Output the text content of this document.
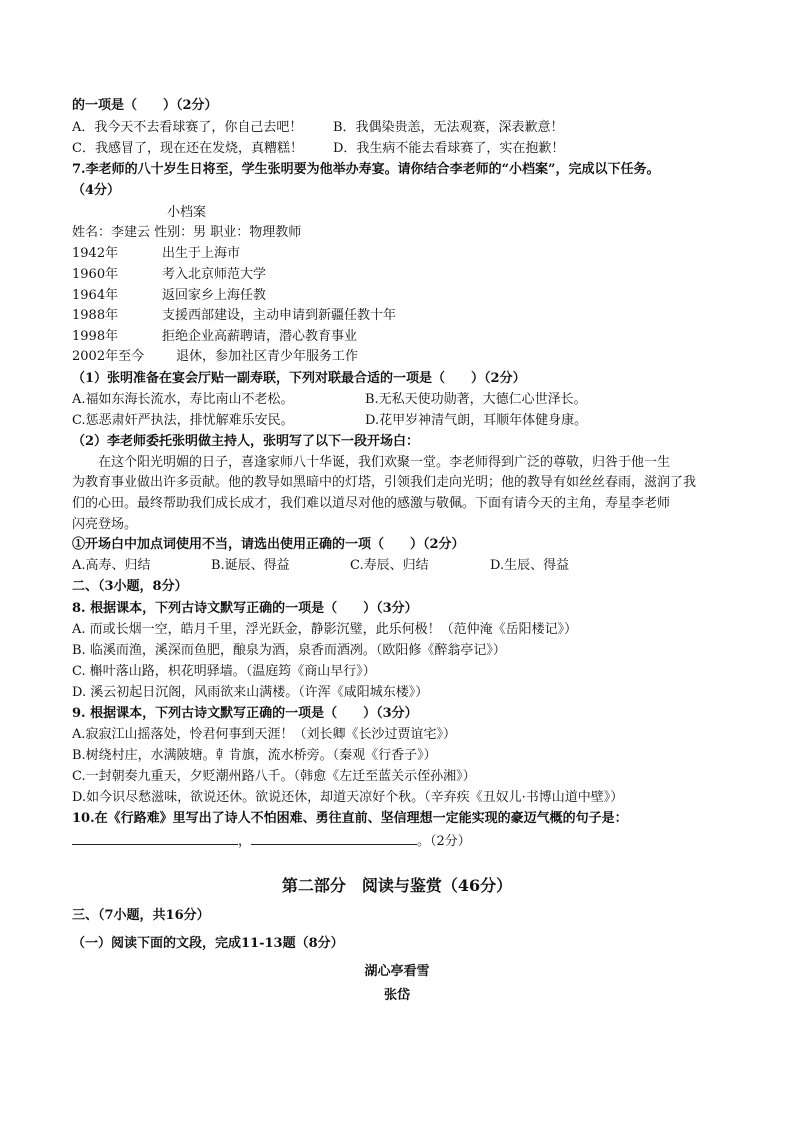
的一项是（　　）（2分）
A．我今天不去看球赛了，你自己去吧！ B．我偶染贵恙，无法观赛，深表歉意！
C．我感冒了，现在还在发烧，真糟糕！ D．我生病不能去看球赛了，实在抱歉！
7.李老师的八十岁生日将至，学生张明要为他举办寿宴。请你结合李老师的“小档案”，完成以下任务。
（4分）
小档案
姓名：李建云 性别：男 职业：物理教师
1942年	出生于上海市
1960年	考入北京师范大学
1964年	返回家乡上海任教
1988年	支援西部建设，主动申请到新疆任教十年
1998年	拒绝企业高薪聘请，潜心教育事业
2002年至今 退休，参加社区青少年服务工作
（1）张明准备在宴会厅贴一副寿联，下列对联最合适的一项是（　　）（2分）
A.福如东海长流水，寿比南山不老松。	B.无私天使功勋著，大德仁心世泽长。
C.惩恶肃奸严执法，排忧解难乐安民。	D.花甲岁神清气朗，耳顺年体健身康。
（2）李老师委托张明做主持人，张明写了以下一段开场白：
在这个阳光明媚的日子，喜逢家师八十华诞，我们欢聚一堂。李老师得到广泛的尊敬，归咎于他一生
为教育事业做出许多贡献。他的教导如黑暗中的灯塔，引领我们走向光明；他的教导有如丝丝春雨，滋润了我
们的心田。最终帮助我们成长成才，我们难以道尽对他的感激与敬佩。下面有请今天的主角，寿星李老师
闪亮登场。
①开场白中加点词使用不当，请选出使用正确的一项（　　）（2分）
A.高寿、归结	B.诞辰、得益	C.寿辰、归结	D.生辰、得益
二、（3小题，8分）
8. 根据课本，下列古诗文默写正确的一项是（　　）（3分）
A. 而或长烟一空，皓月千里，浮光跃金，静影沉璧，此乐何极！（范仲淹《岳阳楼记》）
B. 临溪而渔，溪深而鱼肥，酿泉为酒，泉香而酒冽。（欧阳修《醉翁亭记》）
C. 槲叶落山路，枳花明驿墙。（温庭筠《商山早行》）
D. 溪云初起日沉阁，风雨欲来山满楼。（许浑《咸阳城东楼》）
9. 根据课本，下列古诗文默写正确的一项是（　　）（3分）
A.寂寂江山摇落处，怜君何事到天涯！（刘长卿《长沙过贾谊宅》）
B.树绕村庄，水满陂塘。龺肯旗，流水桥旁。（秦观《行香子》）
C.一封朝奏九重天，夕贬潮州路八千。（韩愈《左迁至蓝关示侄孙湘》）
D.如今识尽愁滋味，欲说还休。欲说还休，却道天凉好个秋。（辛弃疾《丑奴儿·书博山道中壁》）
10.在《行路难》里写出了诗人不怕困难、勇往直前、坚信理想一定能实现的豪迈气概的句子是：
，	。（2分）
第二部分　阅读与鉴赏（46分）
三、（7小题，共16分）
（一）阅读下面的文段，完成11-13题（8分）
湖心亭看雪
张岱
